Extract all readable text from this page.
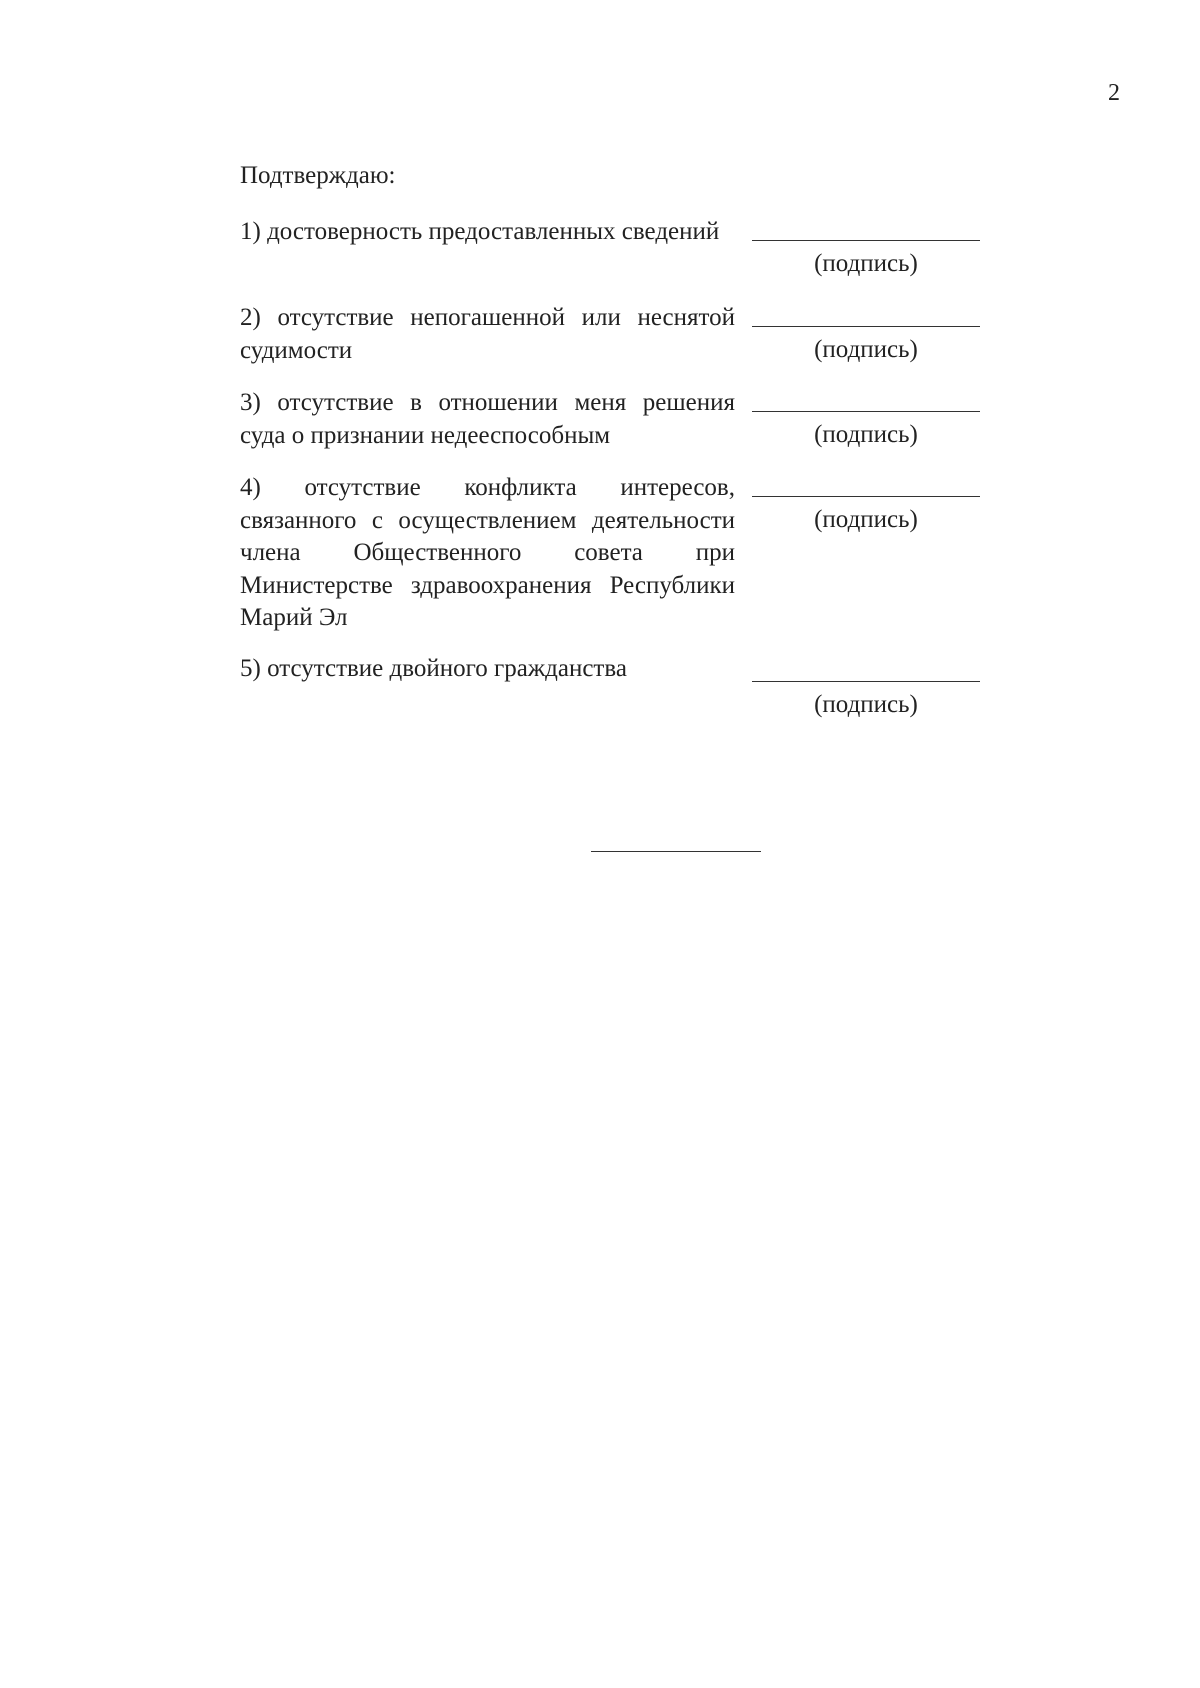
2
Подтверждаю:
1) достоверность предоставленных сведений
(подпись)
2) отсутствие непогашенной или неснятой судимости	(подпись)
3) отсутствие в отношении меня решения суда о признании недееспособным	(подпись)
4) отсутствие конфликта интересов, связанного с осуществлением деятельности члена Общественного совета при Министерстве здравоохранения Республики Марий Эл
(подпись)
5) отсутствие двойного гражданства
(подпись)
